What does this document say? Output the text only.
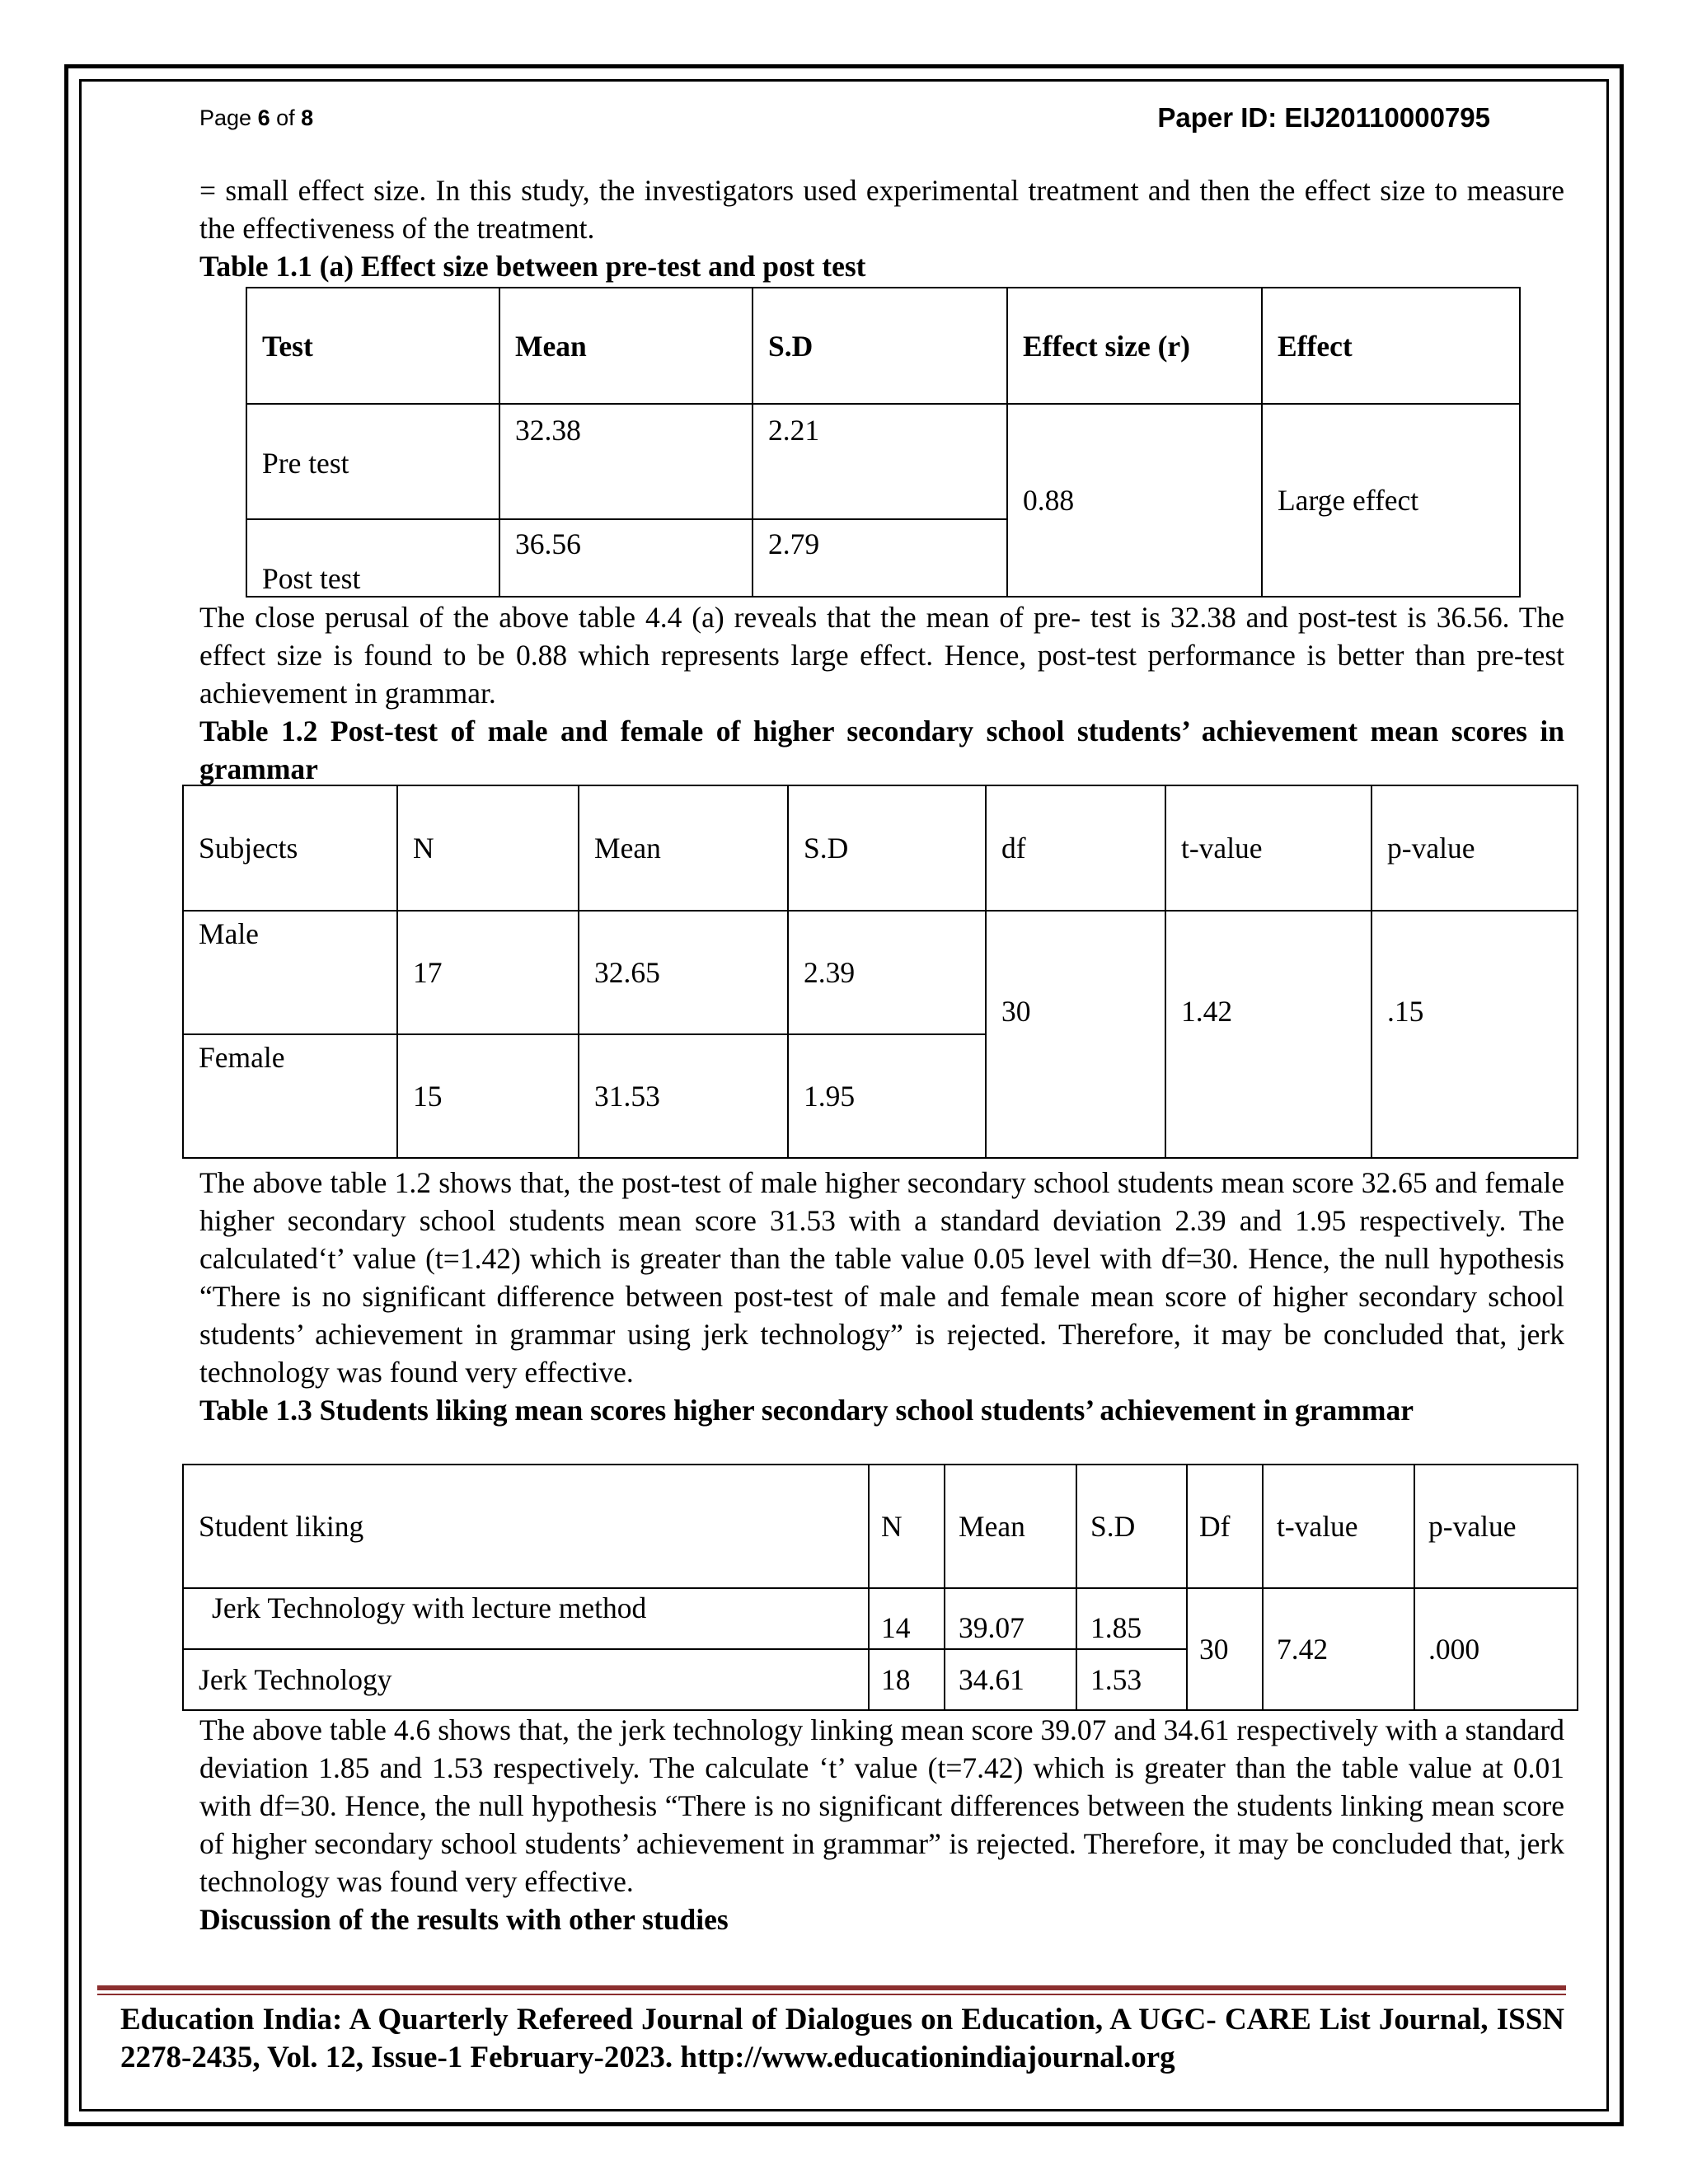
Page 6 of 8	Paper ID: EIJ20110000795

= small effect size. In this study, the investigators used experimental treatment and then the effect size to measure the effectiveness of the treatment.

Table 1.1 (a) Effect size between pre-test and post test

Test	Mean	S.D	Effect size (r)	Effect
Pre test	32.38	2.21	0.88	Large effect
Post test	36.56	2.79		

The close perusal of the above table 4.4 (a) reveals that the mean of pre- test is 32.38 and post-test is 36.56. The effect size is found to be 0.88 which represents large effect. Hence, post-test performance is better than pre-test achievement in grammar.

Table 1.2 Post-test of male and female of higher secondary school students’ achievement mean scores in grammar

Subjects	N	Mean	S.D	df	t-value	p-value
Male	17	32.65	2.39	30	1.42	.15
Female	15	31.53	1.95			

The above table 1.2 shows that, the post-test of male higher secondary school students mean score 32.65 and female higher secondary school students mean score 31.53 with a standard deviation 2.39 and 1.95 respectively. The calculated‘t’ value (t=1.42) which is greater than the table value 0.05 level with df=30. Hence, the null hypothesis “There is no significant difference between post-test of male and female mean score of higher secondary school students’ achievement in grammar using jerk technology” is rejected. Therefore, it may be concluded that, jerk technology was found very effective.

Table 1.3 Students liking mean scores higher secondary school students’ achievement in grammar

Student liking	N	Mean	S.D	Df	t-value	p-value
Jerk Technology with lecture method	14	39.07	1.85	30	7.42	.000
Jerk Technology	18	34.61	1.53			

The above table 4.6 shows that, the jerk technology linking mean score 39.07 and 34.61 respectively with a standard deviation 1.85 and 1.53 respectively. The calculate ‘t’ value (t=7.42) which is greater than the table value at 0.01 with df=30. Hence, the null hypothesis “There is no significant differences between the students linking mean score of higher secondary school students’ achievement in grammar” is rejected. Therefore, it may be concluded that, jerk technology was found very effective.

Discussion of the results with other studies

Education India: A Quarterly Refereed Journal of Dialogues on Education, A UGC- CARE List Journal, ISSN 2278-2435, Vol. 12, Issue-1 February-2023. http://www.educationindiajournal.org
